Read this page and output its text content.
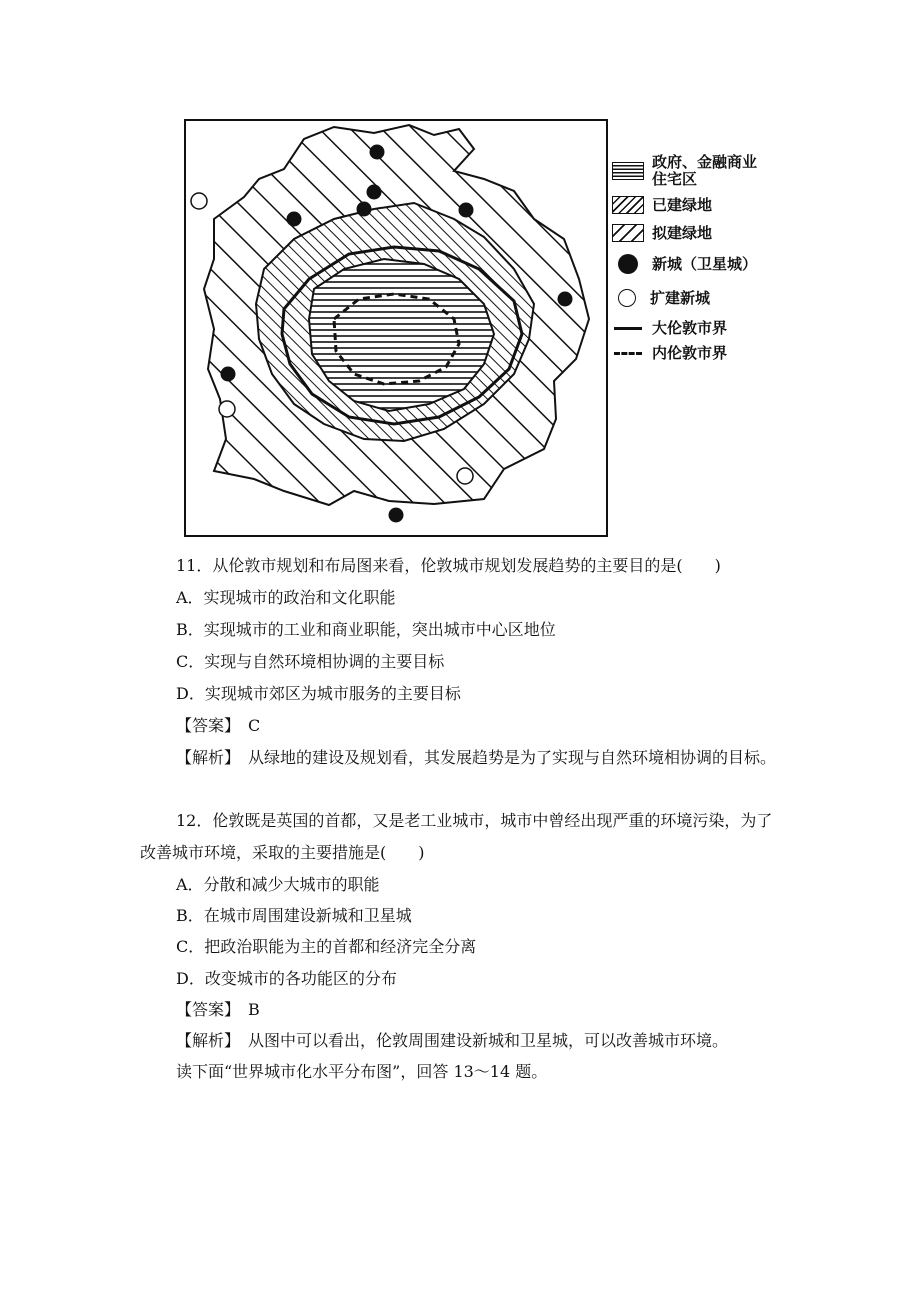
政府、金融商业
住宅区
已建绿地
拟建绿地
新城（卫星城）
扩建新城
大伦敦市界
内伦敦市界
11．从伦敦市规划和布局图来看，伦敦城市规划发展趋势的主要目的是(　　)
A．实现城市的政治和文化职能
B．实现城市的工业和商业职能，突出城市中心区地位
C．实现与自然环境相协调的主要目标
D．实现城市郊区为城市服务的主要目标
【答案】　C
【解析】　从绿地的建设及规划看，其发展趋势是为了实现与自然环境相协调的目标。
12．伦敦既是英国的首都，又是老工业城市，城市中曾经出现严重的环境污染，为了
改善城市环境，采取的主要措施是(　　)
A．分散和减少大城市的职能
B．在城市周围建设新城和卫星城
C．把政治职能为主的首都和经济完全分离
D．改变城市的各功能区的分布
【答案】　B
【解析】　从图中可以看出，伦敦周围建设新城和卫星城，可以改善城市环境。
读下面“世界城市化水平分布图”，回答 13～14 题。
